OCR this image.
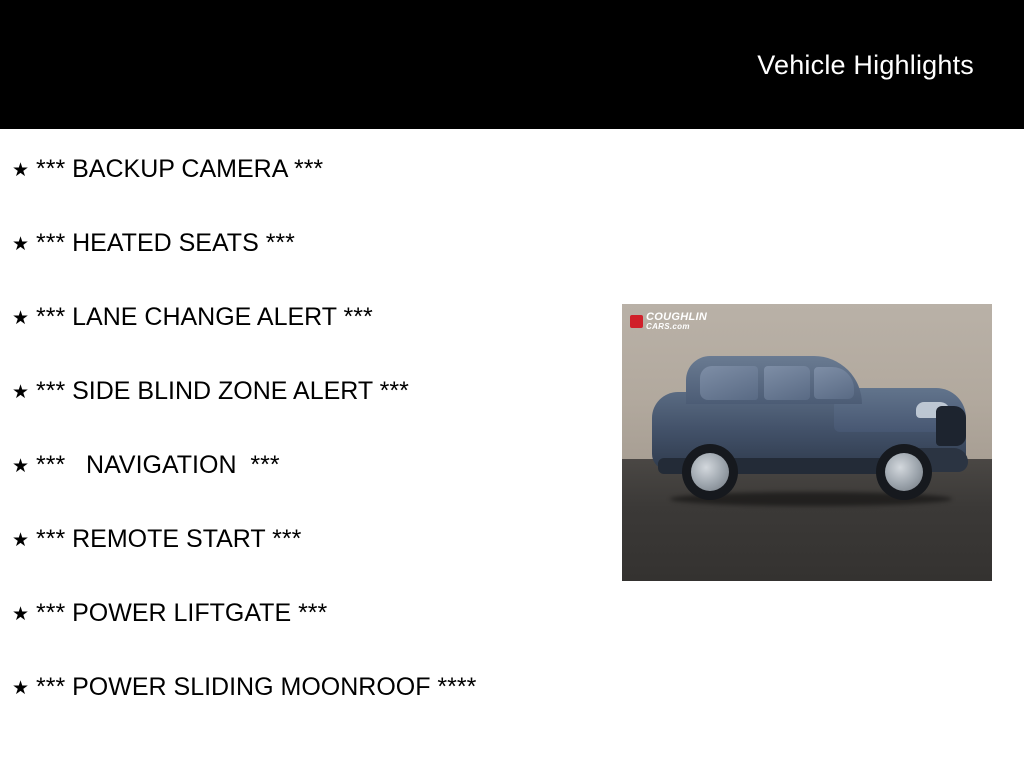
Vehicle Highlights
★ *** BACKUP CAMERA ***
★ *** HEATED SEATS ***
★ *** LANE CHANGE ALERT ***
★ *** SIDE BLIND ZONE ALERT ***
★ ***   NAVIGATION  ***
★ *** REMOTE START ***
★ *** POWER LIFTGATE ***
★ *** POWER SLIDING MOONROOF ****
COUGHLIN
CARS.com
